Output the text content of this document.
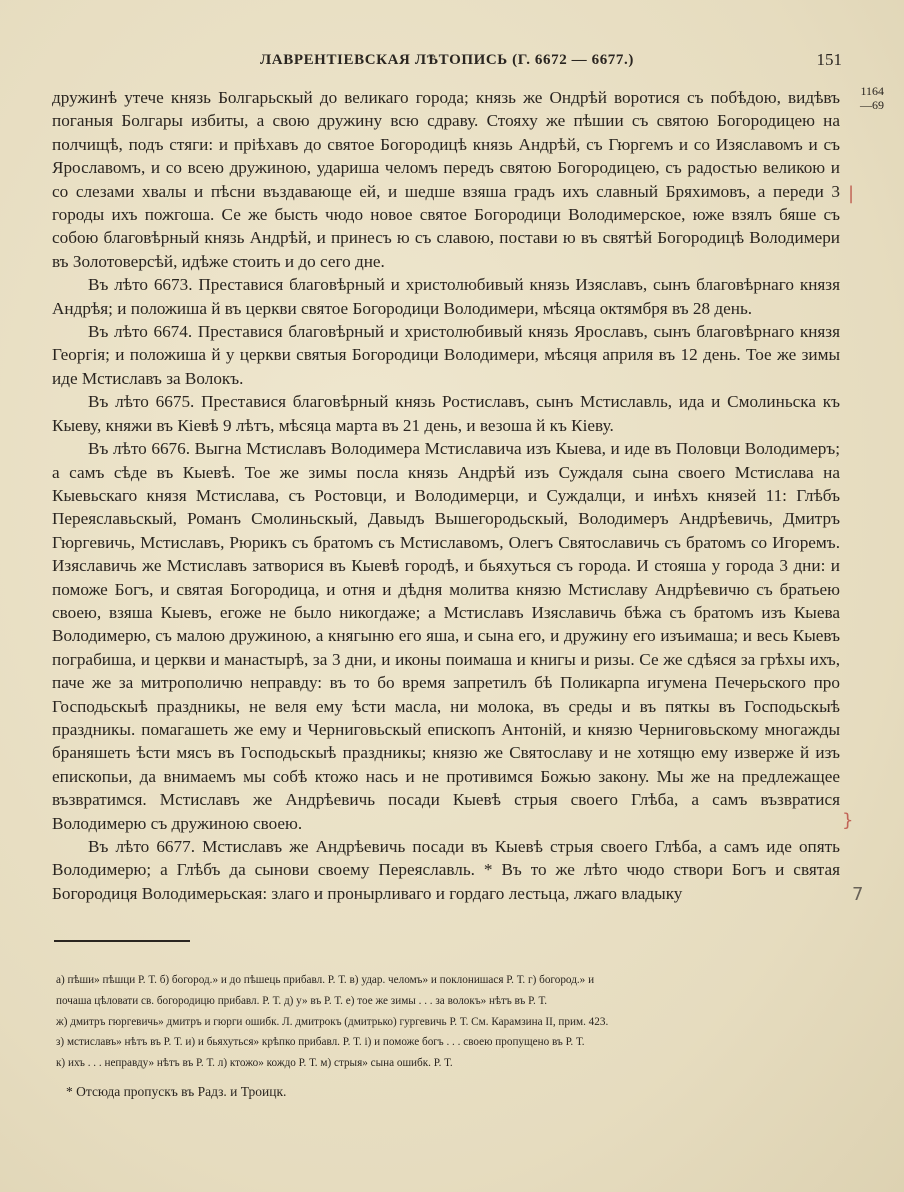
ЛАВРЕНТІЕВСКАЯ ЛѢТОПИСЬ (Г. 6672 — 6677.)	151
1164
—69

дружинѣ утече князь Болгарьскый до великаго города; князь же Ондрѣй воротися съ побѣдою, видѣвъ поганыя Болгары избиты, а свою дружину всю сдраву. Стояху же пѣшии съ святою Богородицею на полчищѣ, подъ стяги: и пріѣхавъ до святое Богородицѣ князь Андрѣй, съ Гюргемъ и со Изяславомъ и съ Ярославомъ, и со всею дружиною, удариша челомъ передъ святою Богородицею, съ радостью великою и со слезами хвалы и пѣсни въздавающе ей, и шедше взяша градъ ихъ славный Бряхимовъ, а переди 3 городы ихъ пожгоша. Се же бысть чюдо новое святое Богородици Володимерское, юже взялъ бяше съ собою благовѣрный князь Андрѣй, и принесъ ю съ славою, постави ю въ святѣй Богородицѣ Володимери въ Золотоверсѣй, идѣже стоить и до сего дне.

Въ лѣто 6673. Преставися благовѣрный и христолюбивый князь Изяславъ, сынъ благовѣрнаго князя Андрѣя; и положиша й въ церкви святое Богородици Володимери, мѣсяца октямбря въ 28 день.

Въ лѣто 6674. Преставися благовѣрный и христолюбивый князь Ярославъ, сынъ благовѣрнаго князя Георгія; и положиша й у церкви святыя Богородици Володимери, мѣсяця априля въ 12 день. Тое же зимы иде Мстиславъ за Волокъ.

Въ лѣто 6675. Преставися благовѣрный князь Ростиславъ, сынъ Мстиславль, ида и Смолиньска къ Кыеву, княжи въ Кіевѣ 9 лѣтъ, мѣсяца марта въ 21 день, и везоша й къ Кіеву.

Въ лѣто 6676. Выгна Мстиславъ Володимера Мстиславича изъ Кыева, и иде въ Половци Володимеръ; а самъ сѣде въ Кыевѣ. Тое же зимы посла князь Андрѣй изъ Суждаля сына своего Мстислава на Кыевьскаго князя Мстислава, съ Ростовци, и Володимерци, и Суждалци, и инѣхъ князей 11: Глѣбъ Переяславьскый, Романъ Смолиньскый, Давыдъ Вышегородьскый, Володимеръ Андрѣевичь, Дмитръ Гюргевичь, Мстиславъ, Рюрикъ съ братомъ съ Мстиславомъ, Олегъ Святославичь съ братомъ со Игоремъ. Изяславичь же Мстиславъ затворися въ Кыевѣ городѣ, и бьяхуться съ города. И стояша у города 3 дни: и поможе Богъ, и святая Богородица, и отня и дѣдня молитва князю Мстиславу Андрѣевичю съ братьею своею, взяша Кыевъ, егоже не было никогдаже; а Мстиславъ Изяславичь бѣжа съ братомъ изъ Кыева Володимерю, съ малою дружиною, а княгыню его яша, и сына его, и дружину его изъимаша; и весь Кыевъ пограбиша, и церкви и манастырѣ, за 3 дни, и иконы поимаша и книгы и ризы. Се же сдѣяся за грѣхы ихъ, паче же за митрополичю неправду: въ то бо время запретилъ бѣ Поликарпа игумена Печерьского про Господьскыѣ праздникы, не веля ему ѣсти масла, ни молока, въ среды и въ пяткы въ Господьскыѣ праздникы. помагашеть же ему и Черниговьскый епископъ Антоній, и князю Черниговьскому многажды браняшеть ѣсти мясъ въ Господьскыѣ праздникы; князю же Святославу и не хотящю ему изверже й изъ епископьи, да внимаемъ мы собѣ ктожо нась и не противимся Божью закону. Мы же на предлежащее възвратимся. Мстиславъ же Андрѣевичь посади Кыевѣ стрыя своего Глѣба, а самъ възвратися Володимерю съ дружиною своею.

Въ лѣто 6677. Мстиславъ же Андрѣевичь посади въ Кыевѣ стрыя своего Глѣба, а самъ иде опять Володимерю; а Глѣбъ да сынови своему Переяславль. * Въ то же лѣто чюдо створи Богъ и святая Богородиця Володимерьская: злаго и пронырливаго и гордаго лестьца, лжаго владыку

а) пѣши» пѣшци Р. Т. б) богород.» и до пѣшець прибавл. Р. Т. в) удар. челомъ» и поклонишася Р. Т. г) богород.» и
почаша цѣловати св. богородицю прибавл. Р. Т. д) у» въ Р. Т. е) тое же зимы . . . за волокъ» нѣтъ въ Р. Т.
ж) дмитръ гюргевичь» дмитръ и гюрги ошибк. Л. дмитрокъ (дмитрько) гургевичь Р. Т. См. Карамзина II, прим. 423.
з) мстиславъ» нѣтъ въ Р. Т. и) и бьяхуться» крѣпко прибавл. Р. Т. і) и поможе богъ . . . своею пропущено въ Р. Т.
к) ихъ . . . неправду» нѣтъ въ Р. Т. л) ктожо» кождо Р. Т. м) стрыя» сына ошибк. Р. Т.
* Отсюда пропускъ въ Радз. и Троицк.
|
}
7
